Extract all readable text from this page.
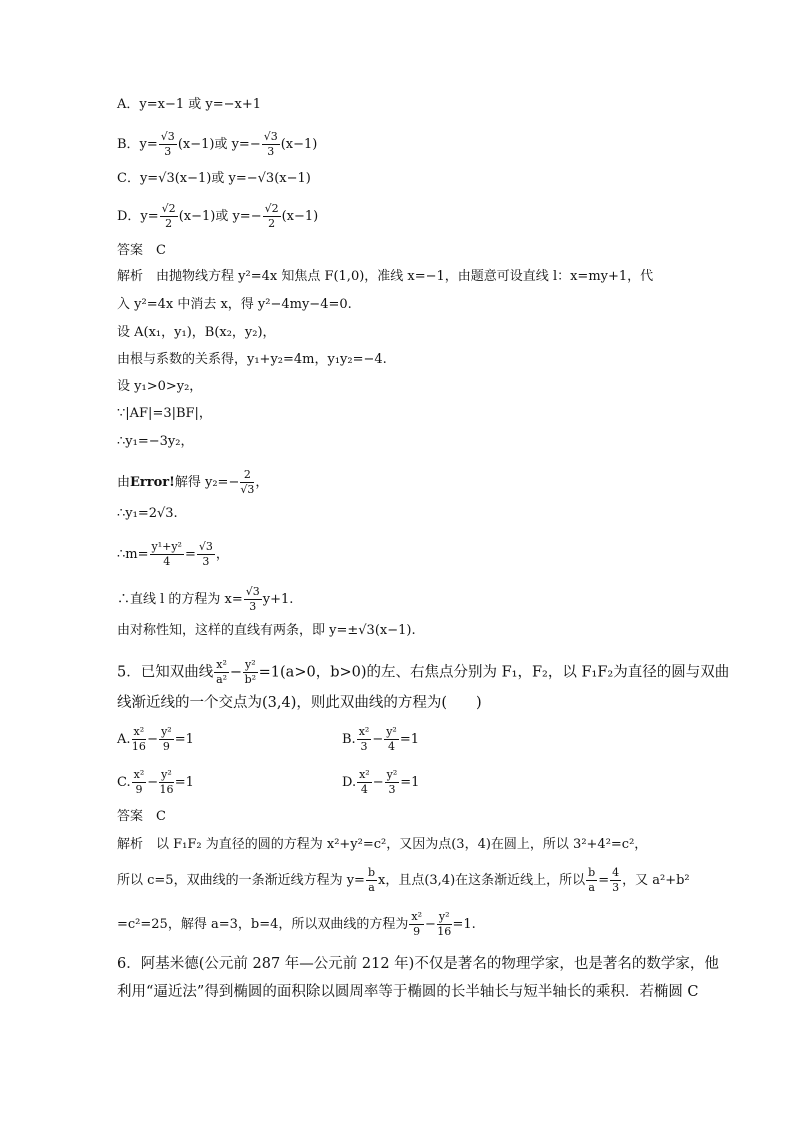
A．y=x−1 或 y=−x+1
B．$y= \frac{√3}{3} (x-1)$或 $y=- \frac{√3}{3} (x-1)$
C．y=√3(x−1)或 y=−√3(x−1)
D．$y= \frac{√2}{2} (x-1)$或 $y=- \frac{√2}{2} (x-1)$
答案　C
解析　由抛物线方程 y²=4x 知焦点 F(1,0)，准线 x=−1，由题意可设直线 l：x=my+1，代
入 y²=4x 中消去 x，得 y²−4my−4=0.
设 A(x₁，y₁)，B(x₂，y₂)，
由根与系数的关系得，y₁+y₂=4m，y₁y₂=−4.
设 y₁>0>y₂，
∵|AF|=3|BF|，
∴y₁=−3y₂，
由Error!解得 $y_2=- \frac{2}{√3}$ ，
∴y₁=2√3.
∴m= $\frac{\text{y¹+y²}}{4} = \frac{√3}{3}$ ，
∴直线 l 的方程为 $x= \frac{√3}{3} y+1$.
由对称性知，这样的直线有两条，即 y=±√3(x−1).
5．已知双曲线 $\frac{\text{x²}}{\text{a²}} - \frac{\text{y²}}{\text{b²}} =1(a>0$，b>0)的左、右焦点分别为 F₁，F₂，以 F₁F₂为直径的圆与双曲
线渐近线的一个交点为(3,4)，则此双曲线的方程为(　　)
A. $\frac{\text{x²}}{16} - \frac{\text{y²}}{9} =1$	B. $\frac{\text{x²}}{3} - \frac{\text{y²}}{4} =1$
C. $\frac{\text{x²}}{9} - \frac{\text{y²}}{16} =1$	D. $\frac{\text{x²}}{4} - \frac{\text{y²}}{3} =1$
答案　C
解析　以 F₁F₂ 为直径的圆的方程为 x²+y²=c²，又因为点(3，4)在圆上，所以 3²+4²=c²，
所以 c=5，双曲线的一条渐近线方程为 $y= \frac{b}{a}$ x，且点(3,4)在这条渐近线上，所以 $\frac{b}{a} = \frac{4}{3}$ ，又 a²+b²
=c²=25，解得 a=3，b=4，所以双曲线的方程为 $\frac{\text{x²}}{9} - \frac{\text{y²}}{16} =1$.
6．阿基米德(公元前 287 年—公元前 212 年)不仅是著名的物理学家，也是著名的数学家，他
利用“逼近法”得到椭圆的面积除以圆周率等于椭圆的长半轴长与短半轴长的乘积．若椭圆 C
